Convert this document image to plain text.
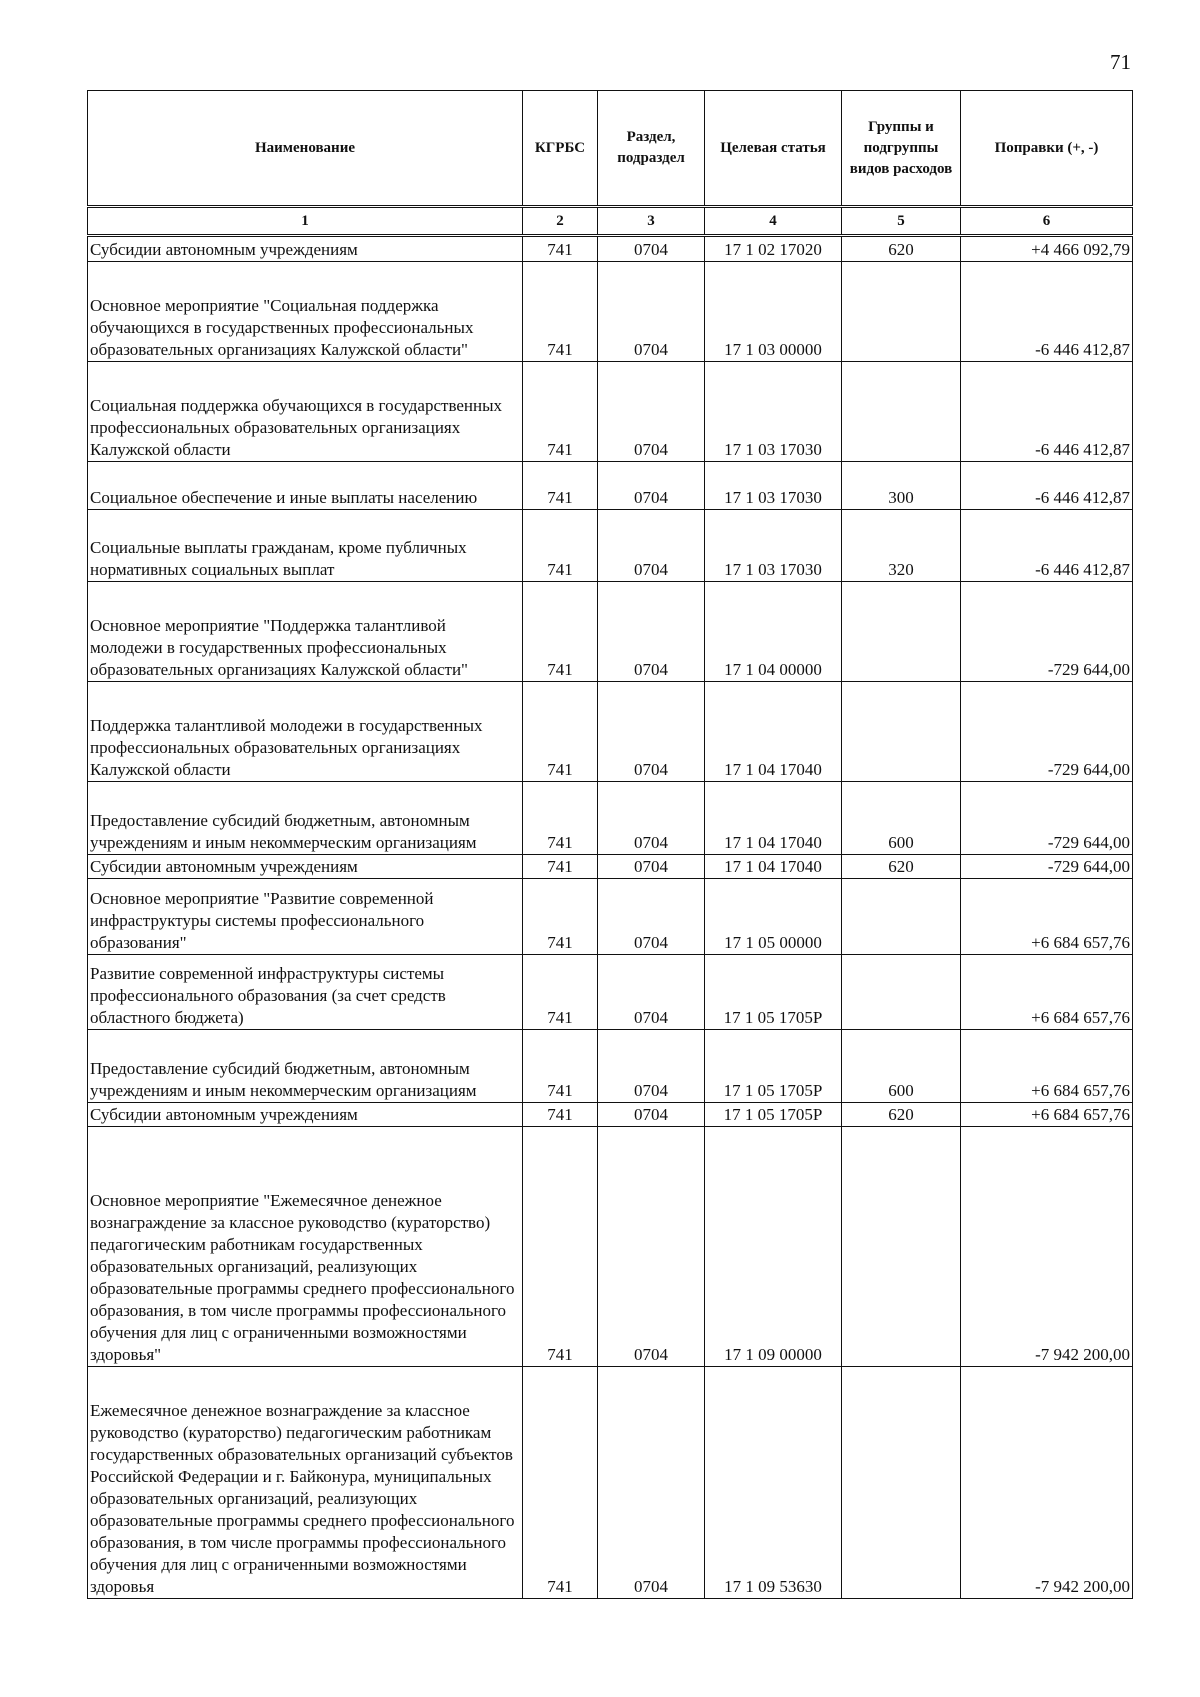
71
Наименование	КГРБС	Раздел, подраздел	Целевая статья	Группы и подгруппы видов расходов	Поправки (+, -)
1	2	3	4	5	6
Субсидии автономным учреждениям	741	0704	17 1 02 17020	620	+4 466 092,79
Основное мероприятие "Социальная поддержка обучающихся в государственных профессиональных образовательных организациях Калужской области"	741	0704	17 1 03 00000		-6 446 412,87
Социальная поддержка обучающихся в государственных профессиональных образовательных организациях Калужской области	741	0704	17 1 03 17030		-6 446 412,87
Социальное обеспечение и иные выплаты населению	741	0704	17 1 03 17030	300	-6 446 412,87
Социальные выплаты гражданам, кроме публичных нормативных социальных выплат	741	0704	17 1 03 17030	320	-6 446 412,87
Основное мероприятие "Поддержка талантливой молодежи в государственных профессиональных образовательных организациях Калужской области"	741	0704	17 1 04 00000		-729 644,00
Поддержка талантливой молодежи в государственных профессиональных образовательных организациях Калужской области	741	0704	17 1 04 17040		-729 644,00
Предоставление субсидий бюджетным, автономным учреждениям и иным некоммерческим организациям	741	0704	17 1 04 17040	600	-729 644,00
Субсидии автономным учреждениям	741	0704	17 1 04 17040	620	-729 644,00
Основное мероприятие "Развитие современной инфраструктуры системы профессионального образования"	741	0704	17 1 05 00000		+6 684 657,76
Развитие современной инфраструктуры системы профессионального образования (за счет средств областного бюджета)	741	0704	17 1 05 1705P		+6 684 657,76
Предоставление субсидий бюджетным, автономным учреждениям и иным некоммерческим организациям	741	0704	17 1 05 1705P	600	+6 684 657,76
Субсидии автономным учреждениям	741	0704	17 1 05 1705P	620	+6 684 657,76
Основное мероприятие "Ежемесячное денежное вознаграждение за классное руководство (кураторство) педагогическим работникам государственных образовательных организаций, реализующих образовательные программы среднего профессионального образования, в том числе программы профессионального обучения для лиц с ограниченными возможностями здоровья"	741	0704	17 1 09 00000		-7 942 200,00
Ежемесячное денежное вознаграждение за классное руководство (кураторство) педагогическим работникам государственных образовательных организаций субъектов Российской Федерации и г. Байконура, муниципальных образовательных организаций, реализующих образовательные программы среднего профессионального образования, в том числе программы профессионального обучения для лиц с ограниченными возможностями здоровья	741	0704	17 1 09 53630		-7 942 200,00
